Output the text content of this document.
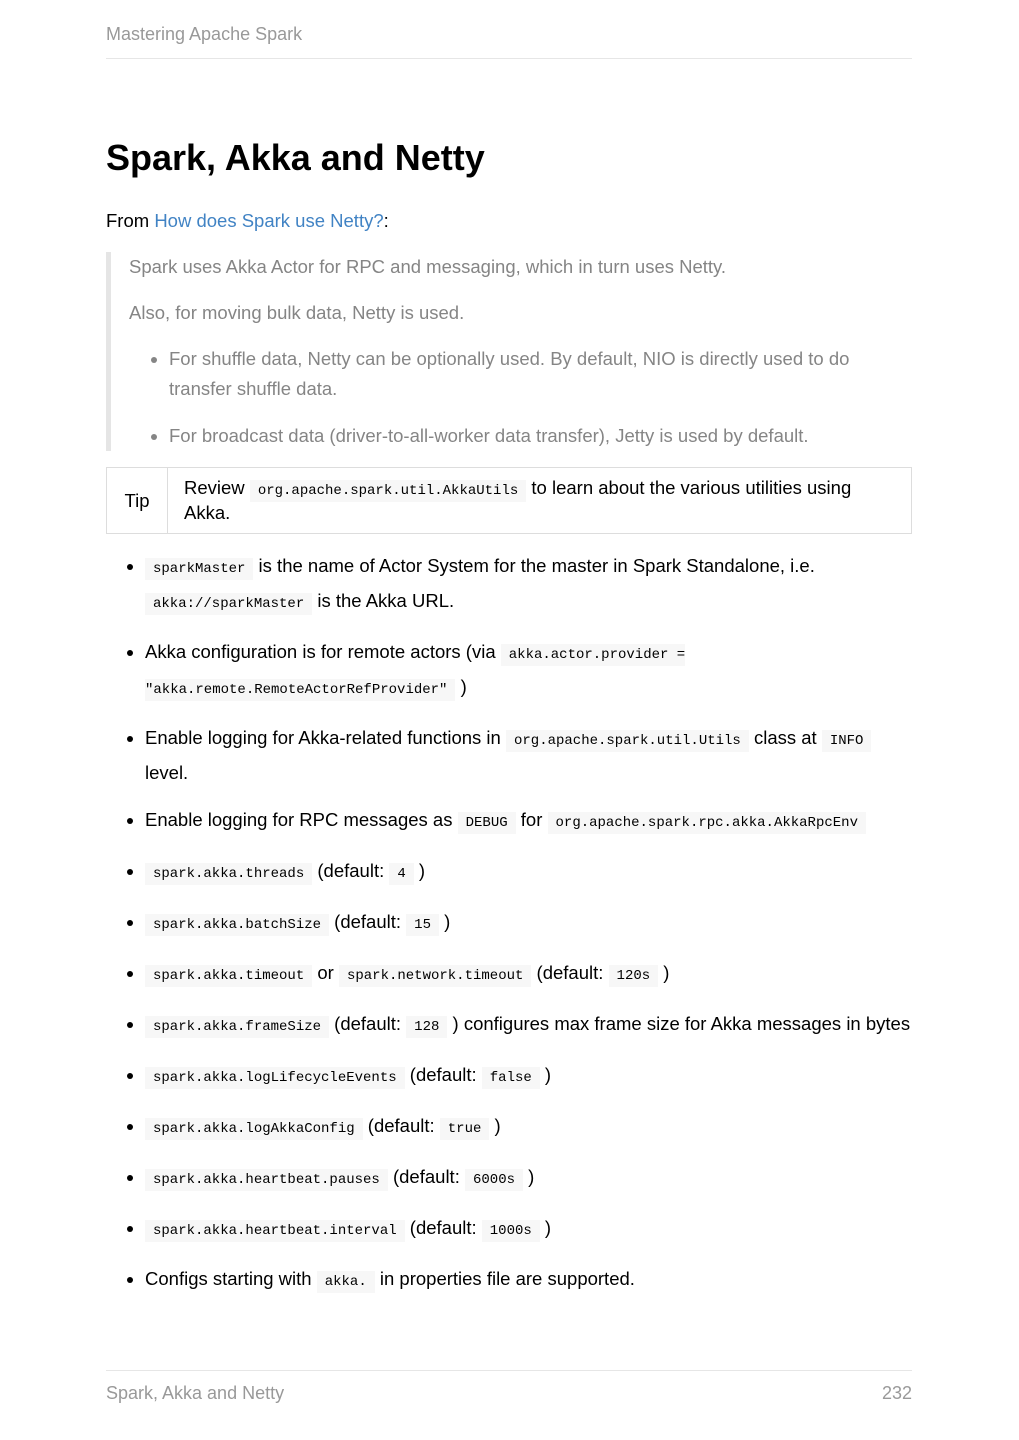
Mastering Apache Spark
Spark, Akka and Netty

From How does Spark use Netty?:

Spark uses Akka Actor for RPC and messaging, which in turn uses Netty.

Also, for moving bulk data, Netty is used.

• For shuffle data, Netty can be optionally used. By default, NIO is directly used to do transfer shuffle data.
• For broadcast data (driver-to-all-worker data transfer), Jetty is used by default.
Tip
Review org.apache.spark.util.AkkaUtils to learn about the various utilities using Akka.
• sparkMaster is the name of Actor System for the master in Spark Standalone, i.e. akka://sparkMaster is the Akka URL.
• Akka configuration is for remote actors (via akka.actor.provider = "akka.remote.RemoteActorRefProvider" )
• Enable logging for Akka-related functions in org.apache.spark.util.Utils class at INFO level.
• Enable logging for RPC messages as DEBUG for org.apache.spark.rpc.akka.AkkaRpcEnv
• spark.akka.threads (default: 4 )
• spark.akka.batchSize (default: 15 )
• spark.akka.timeout or spark.network.timeout (default: 120s )
• spark.akka.frameSize (default: 128 ) configures max frame size for Akka messages in bytes
• spark.akka.logLifecycleEvents (default: false )
• spark.akka.logAkkaConfig (default: true )
• spark.akka.heartbeat.pauses (default: 6000s )
• spark.akka.heartbeat.interval (default: 1000s )
• Configs starting with akka. in properties file are supported.
Spark, Akka and Netty	232
